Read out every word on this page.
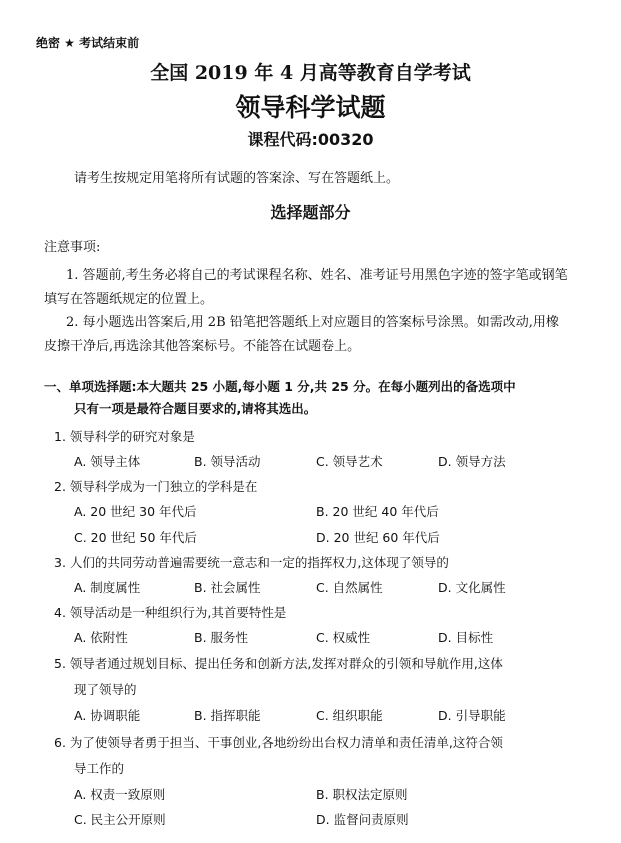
绝密 ★ 考试结束前
全国 2019 年 4 月高等教育自学考试
领导科学试题
课程代码:00320
请考生按规定用笔将所有试题的答案涂、写在答题纸上。
选择题部分
注意事项:
1. 答题前,考生务必将自己的考试课程名称、姓名、准考证号用黑色字迹的签字笔或钢笔
填写在答题纸规定的位置上。
2. 每小题选出答案后,用 2B 铅笔把答题纸上对应题目的答案标号涂黑。如需改动,用橡
皮擦干净后,再选涂其他答案标号。不能答在试题卷上。
一、单项选择题:本大题共 25 小题,每小题 1 分,共 25 分。在每小题列出的备选项中
只有一项是最符合题目要求的,请将其选出。
1. 领导科学的研究对象是
A. 领导主体	B. 领导活动	C. 领导艺术	D. 领导方法
2. 领导科学成为一门独立的学科是在
A. 20 世纪 30 年代后	B. 20 世纪 40 年代后
C. 20 世纪 50 年代后	D. 20 世纪 60 年代后
3. 人们的共同劳动普遍需要统一意志和一定的指挥权力,这体现了领导的
A. 制度属性	B. 社会属性	C. 自然属性	D. 文化属性
4. 领导活动是一种组织行为,其首要特性是
A. 依附性	B. 服务性	C. 权威性	D. 目标性
5. 领导者通过规划目标、提出任务和创新方法,发挥对群众的引领和导航作用,这体
现了领导的
A. 协调职能	B. 指挥职能	C. 组织职能	D. 引导职能
6. 为了使领导者勇于担当、干事创业,各地纷纷出台权力清单和责任清单,这符合领
导工作的
A. 权责一致原则	B. 职权法定原则
C. 民主公开原则	D. 监督问责原则
